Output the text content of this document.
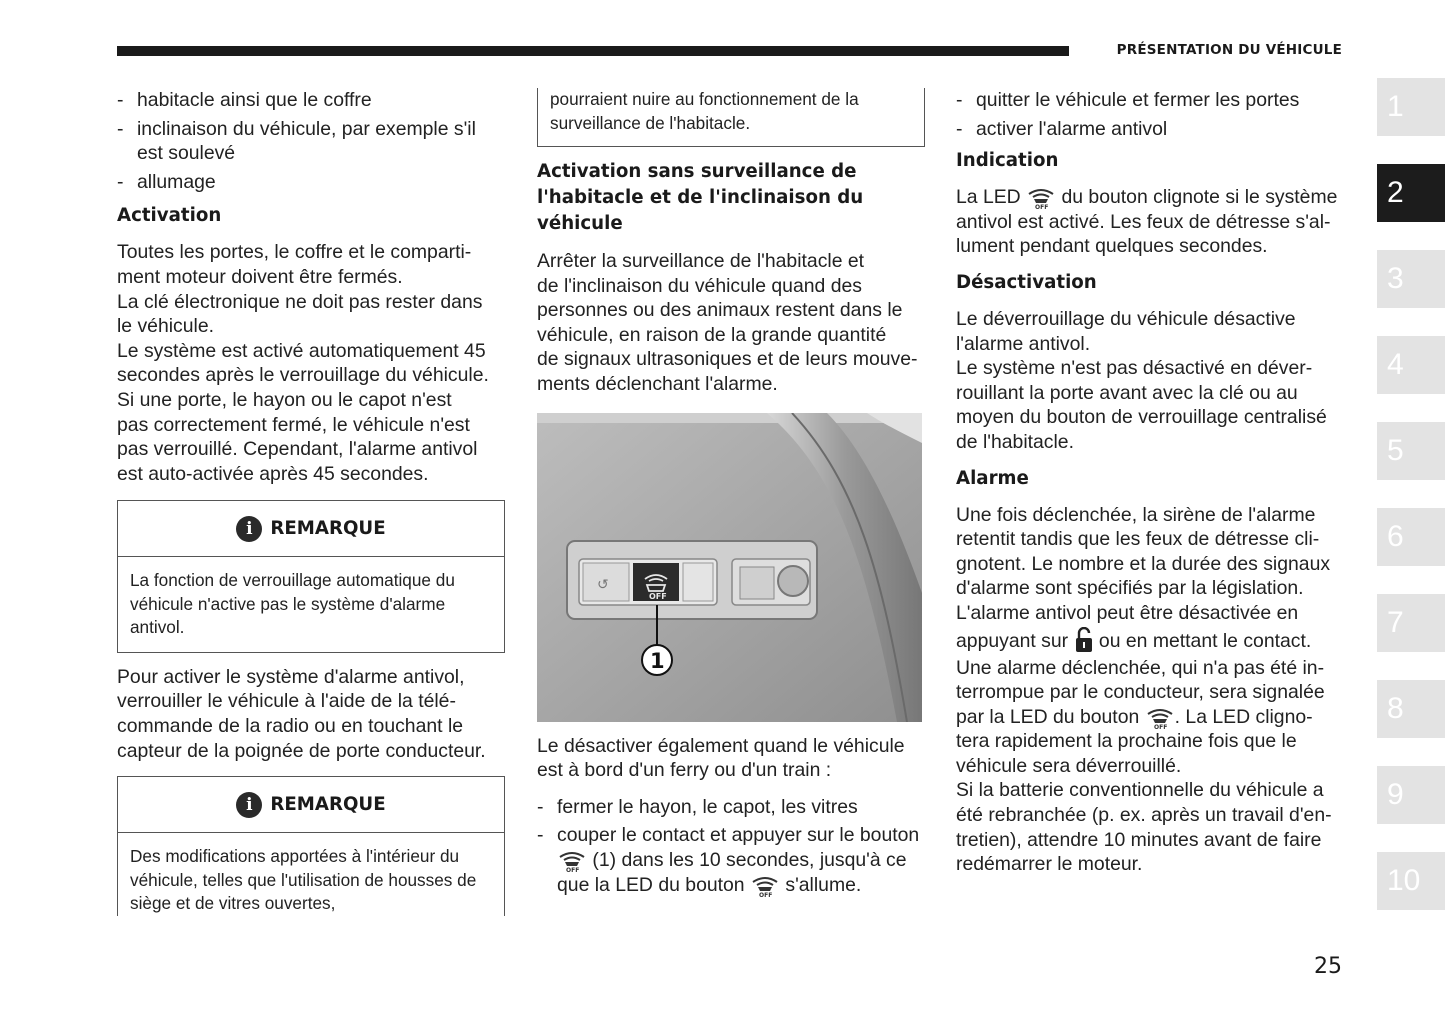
PRÉSENTATION DU VÉHICULE
- habitacle ainsi que le coffre
- inclinaison du véhicule, par exemple s'il est soulevé
- allumage
Activation

Toutes les portes, le coffre et le comparti-

ment moteur doivent être fermés.

La clé électronique ne doit pas rester dans

le véhicule.

Le système est activé automatiquement 45

secondes après le verrouillage du véhicule.

Si une porte, le hayon ou le capot n'est

pas correctement fermé, le véhicule n'est

pas verrouillé. Cependant, l'alarme antivol

est auto-activée après 45 secondes.

i REMARQUE
La fonction de verrouillage automatique du véhicule n'active pas le système d'alarme antivol.

Pour activer le système d'alarme antivol,

verrouiller le véhicule à l'aide de la télé-

commande de la radio ou en touchant le

capteur de la poignée de porte conducteur.

i REMARQUE
Des modifications apportées à l'intérieur du véhicule, telles que l'utilisation de housses de siège et de vitres ouvertes,
pourraient nuire au fonctionnement de la surveillance de l'habitacle.
Activation sans surveillance de l'habitacle et de l'inclinaison du véhicule

Arrêter la surveillance de l'habitacle et

de l'inclinaison du véhicule quand des

personnes ou des animaux restent dans le

véhicule, en raison de la grande quantité

de signaux ultrasoniques et de leurs mouve-

ments déclenchant l'alarme.

↺
OFF
1

Le désactiver également quand le véhicule est à bord d'un ferry ou d'un train :

- fermer le hayon, le capot, les vitres
- couper le contact et appuyer sur le bouton
OFF (1) dans les 10 secondes, jusqu'à ce que la LED du bouton OFF s'allume.
- quitter le véhicule et fermer les portes
- activer l'alarme antivol
Indication

La LED OFF du bouton clignote si le système antivol est activé. Les feux de détresse s'al-lument pendant quelques secondes.

Désactivation

Le déverrouillage du véhicule désactive

l'alarme antivol.

Le système n'est pas désactivé en déver-

rouillant la porte avant avec la clé ou au

moyen du bouton de verrouillage centralisé

de l'habitacle.

Alarme

Une fois déclenchée, la sirène de l'alarme

retentit tandis que les feux de détresse cli-

gnotent. Le nombre et la durée des signaux

d'alarme sont spécifiés par la législation.

L'alarme antivol peut être désactivée en

appuyant sur ou en mettant le contact.

Une alarme déclenchée, qui n'a pas été in-

terrompue par le conducteur, sera signalée

par la LED du bouton OFF . La LED cligno-

tera rapidement la prochaine fois que le

véhicule sera déverrouillé.

Si la batterie conventionnelle du véhicule a

été rebranchée (p. ex. après un travail d'en-

tretien), attendre 10 minutes avant de faire

redémarrer le moteur.

1
2
3
4
5
6
7
8
9
10
25
